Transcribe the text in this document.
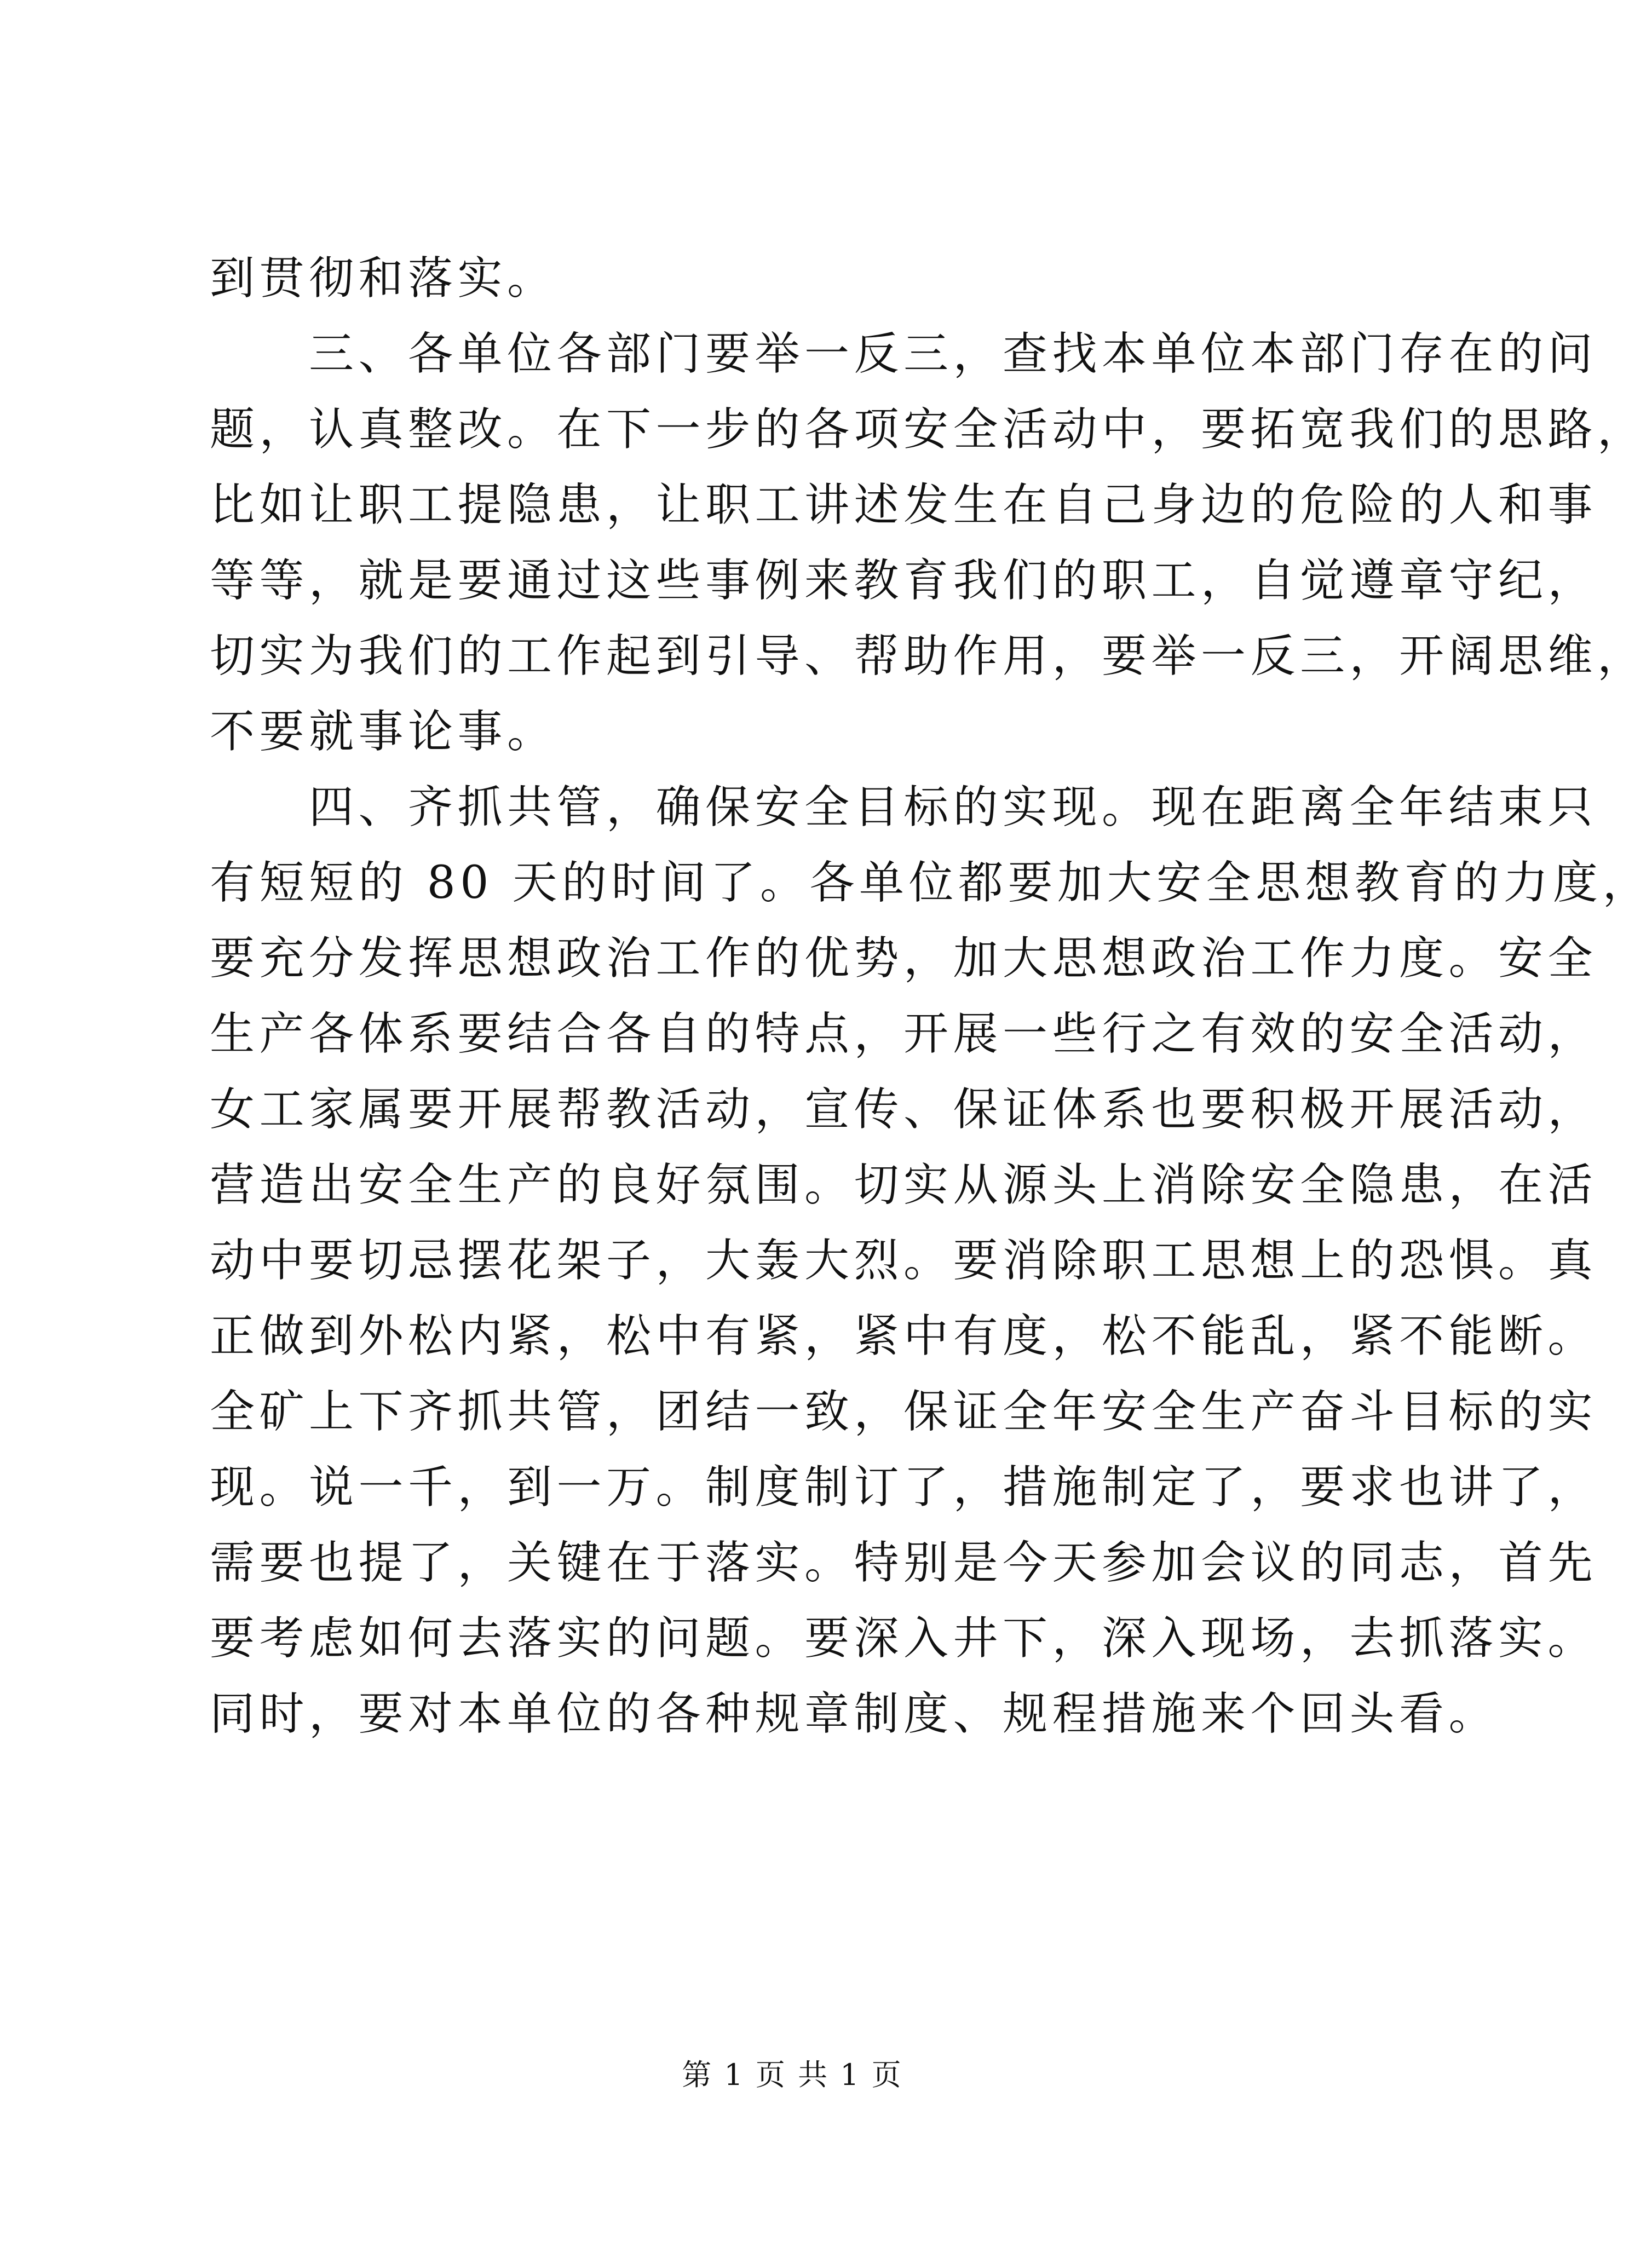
到贯彻和落实。
　　三、各单位各部门要举一反三，查找本单位本部门存在的问
题，认真整改。在下一步的各项安全活动中，要拓宽我们的思路，
比如让职工提隐患，让职工讲述发生在自己身边的危险的人和事
等等，就是要通过这些事例来教育我们的职工，自觉遵章守纪，
切实为我们的工作起到引导、帮助作用，要举一反三，开阔思维，
不要就事论事。
　　四、齐抓共管，确保安全目标的实现。现在距离全年结束只
有短短的 80 天的时间了。各单位都要加大安全思想教育的力度，
要充分发挥思想政治工作的优势，加大思想政治工作力度。安全
生产各体系要结合各自的特点，开展一些行之有效的安全活动，
女工家属要开展帮教活动，宣传、保证体系也要积极开展活动，
营造出安全生产的良好氛围。切实从源头上消除安全隐患，在活
动中要切忌摆花架子，大轰大烈。要消除职工思想上的恐惧。真
正做到外松内紧，松中有紧，紧中有度，松不能乱，紧不能断。
全矿上下齐抓共管，团结一致，保证全年安全生产奋斗目标的实
现。说一千，到一万。制度制订了，措施制定了，要求也讲了，
需要也提了，关键在于落实。特别是今天参加会议的同志，首先
要考虑如何去落实的问题。要深入井下，深入现场，去抓落实。
同时，要对本单位的各种规章制度、规程措施来个回头看。
第 1 页 共 1 页
